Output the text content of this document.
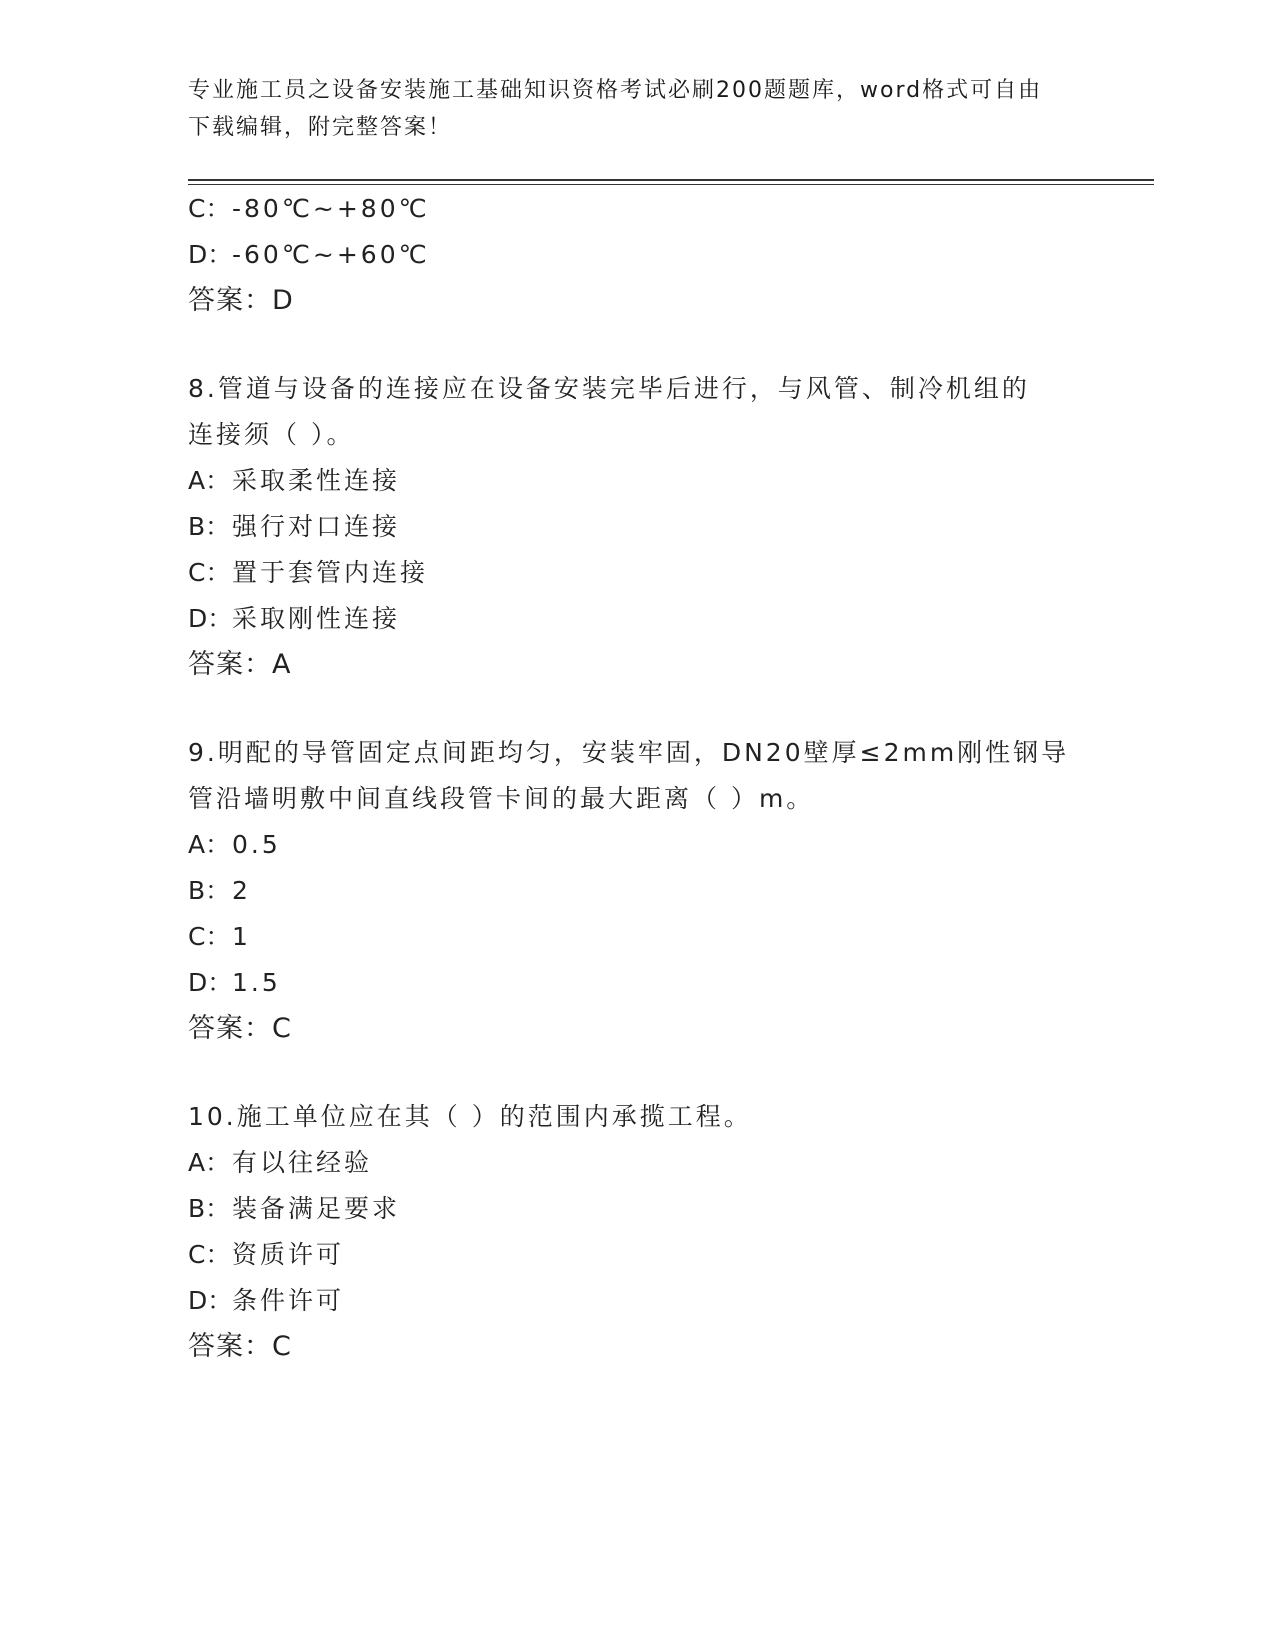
专业施工员之设备安装施工基础知识资格考试必刷200题题库，word格式可自由
下载编辑，附完整答案！
C：-80℃~+80℃
D：-60℃~+60℃
答案：D
8.管道与设备的连接应在设备安装完毕后进行，与风管、制冷机组的
连接须（ ）。
A：采取柔性连接
B：强行对口连接
C：置于套管内连接
D：采取刚性连接
答案：A
9.明配的导管固定点间距均匀，安装牢固，DN20壁厚≤2mm刚性钢导
管沿墙明敷中间直线段管卡间的最大距离（ ）m。
A：0.5
B：2
C：1
D：1.5
答案：C
10.施工单位应在其（ ）的范围内承揽工程。
A：有以往经验
B：装备满足要求
C：资质许可
D：条件许可
答案：C
